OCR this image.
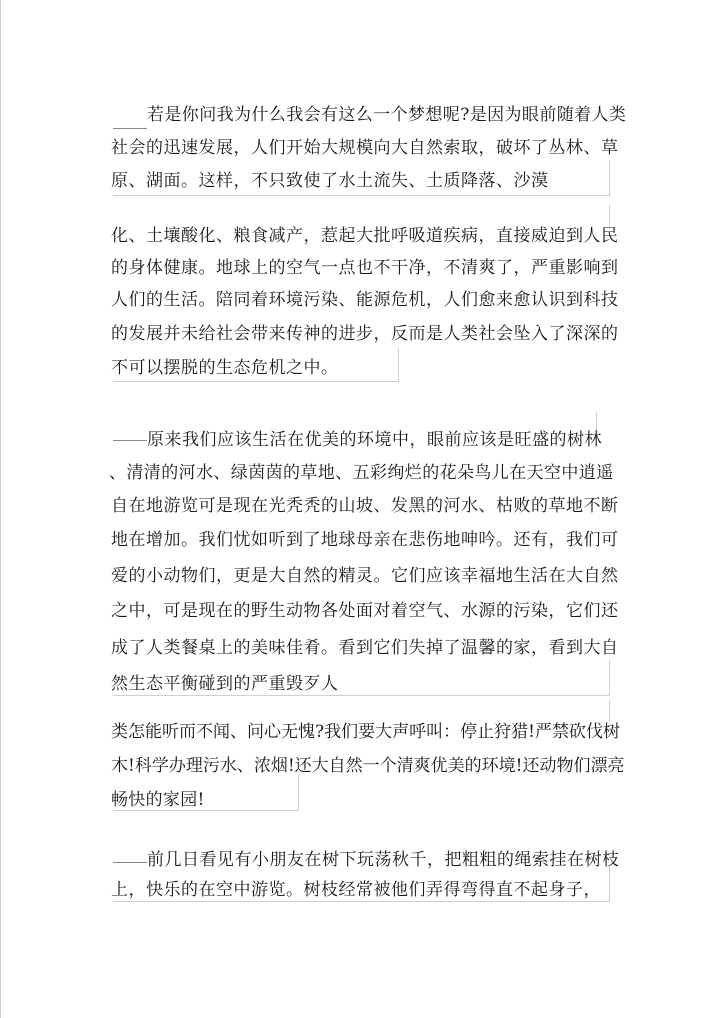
若是你问我为什么我会有这么一个梦想呢?是因为眼前随着人类
社会的迅速发展，人们开始大规模向大自然索取，破坏了丛林、草
原、湖面。这样，不只致使了水土流失、土质降落、沙漠
化、土壤酸化、粮食减产，惹起大批呼吸道疾病，直接威迫到人民
的身体健康。地球上的空气一点也不干净，不清爽了，严重影响到
人们的生活。陪同着环境污染、能源危机，人们愈来愈认识到科技
的发展并未给社会带来传神的进步，反而是人类社会坠入了深深的
不可以摆脱的生态危机之中。
原来我们应该生活在优美的环境中，眼前应该是旺盛的树林
、清清的河水、绿茵茵的草地、五彩绚烂的花朵鸟儿在天空中逍遥
自在地游览可是现在光秃秃的山坡、发黑的河水、枯败的草地不断
地在增加。我们忧如听到了地球母亲在悲伤地呻吟。还有，我们可
爱的小动物们，更是大自然的精灵。它们应该幸福地生活在大自然
之中，可是现在的野生动物各处面对着空气、水源的污染，它们还
成了人类餐桌上的美味佳肴。看到它们失掉了温馨的家，看到大自
然生态平衡碰到的严重毁歹人
类怎能听而不闻、问心无愧?我们要大声呼叫：停止狩猎!严禁砍伐树
木!科学办理污水、浓烟!还大自然一个清爽优美的环境!还动物们漂亮
畅快的家园!
前几日看见有小朋友在树下玩荡秋千，把粗粗的绳索挂在树枝
上，快乐的在空中游览。树枝经常被他们弄得弯得直不起身子，
